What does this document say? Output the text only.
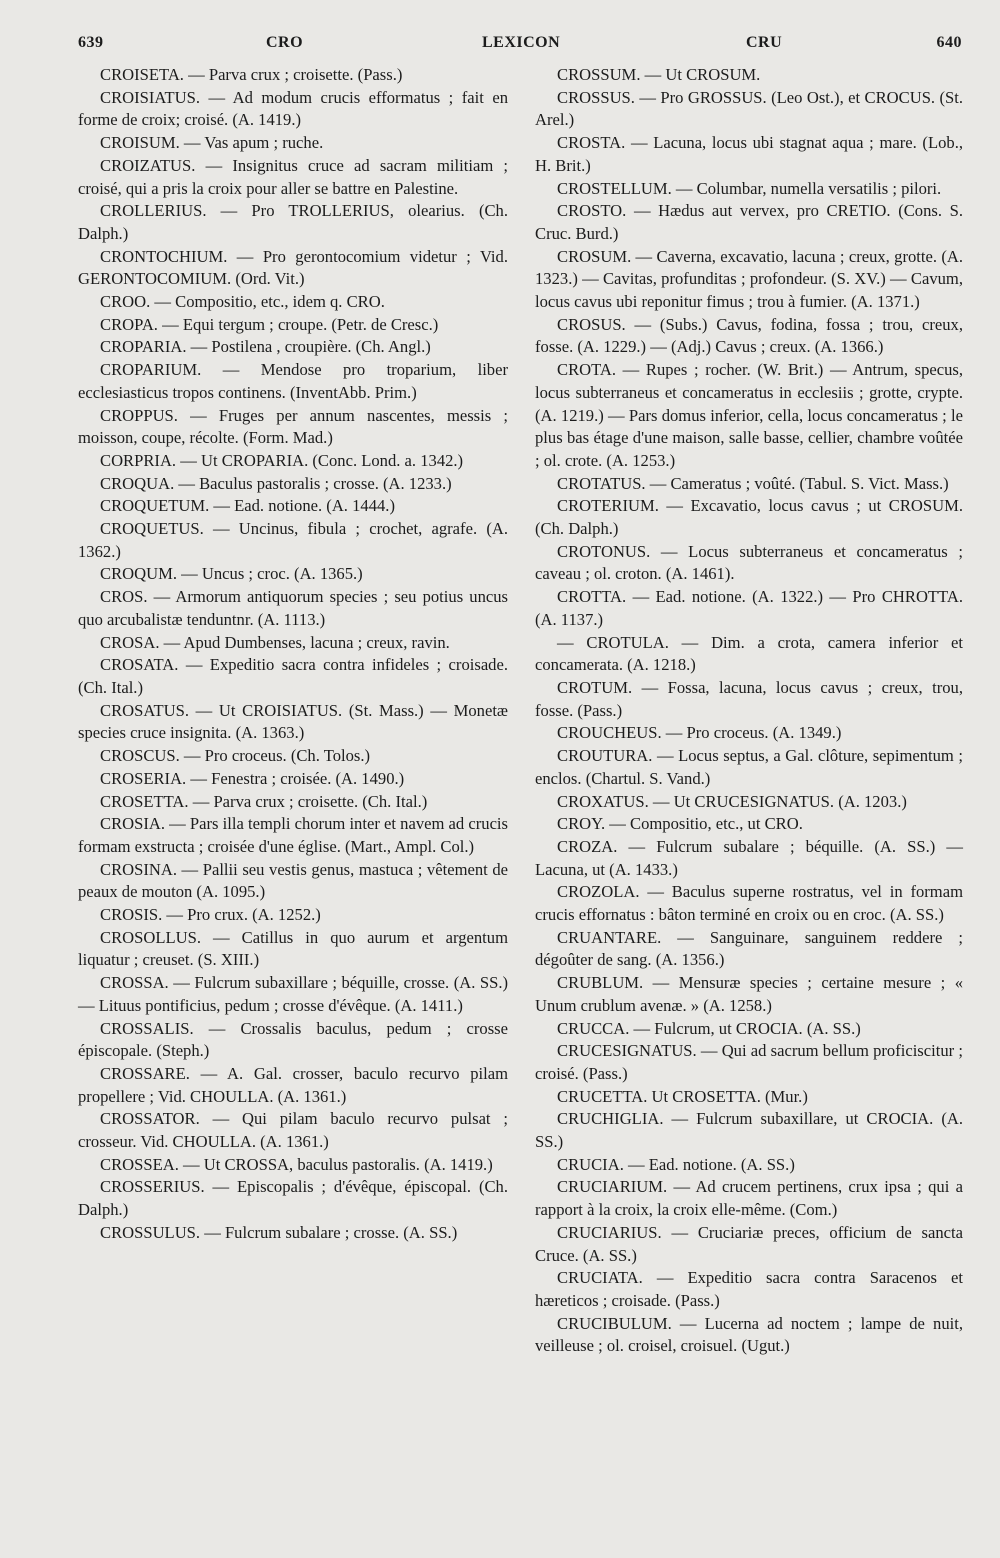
639	CRO	LEXICON	CRU	640

CROISETA. — Parva crux ; croisette. (Pass.)

CROISIATUS. — Ad modum crucis efformatus ; fait en forme de croix; croisé. (A. 1419.)

CROISUM. — Vas apum ; ruche.

CROIZATUS. — Insignitus cruce ad sacram militiam ; croisé, qui a pris la croix pour aller se battre en Palestine.

CROLLERIUS. — Pro TROLLERIUS, olearius. (Ch. Dalph.)

CRONTOCHIUM. — Pro gerontocomium videtur ; Vid. GERONTOCOMIUM. (Ord. Vit.)

CROO. — Compositio, etc., idem q. CRO.

CROPA. — Equi tergum ; croupe. (Petr. de Cresc.)

CROPARIA. — Postilena , croupière. (Ch. Angl.)

CROPARIUM. — Mendose pro troparium, liber ecclesiasticus tropos continens. (InventAbb. Prim.)

CROPPUS. — Fruges per annum nascentes, messis ; moisson, coupe, récolte. (Form. Mad.)

CORPRIA. — Ut CROPARIA. (Conc. Lond. a. 1342.)

CROQUA. — Baculus pastoralis ; crosse. (A. 1233.)

CROQUETUM. — Ead. notione. (A. 1444.)

CROQUETUS. — Uncinus, fibula ; crochet, agrafe. (A. 1362.)

CROQUM. — Uncus ; croc. (A. 1365.)

CROS. — Armorum antiquorum species ; seu potius uncus quo arcubalistæ tenduntnr. (A. 1113.)

CROSA. — Apud Dumbenses, lacuna ; creux, ravin.

CROSATA. — Expeditio sacra contra infideles ; croisade. (Ch. Ital.)

CROSATUS. — Ut CROISIATUS. (St. Mass.) — Monetæ species cruce insignita. (A. 1363.)

CROSCUS. — Pro croceus. (Ch. Tolos.)

CROSERIA. — Fenestra ; croisée. (A. 1490.)

CROSETTA. — Parva crux ; croisette. (Ch. Ital.)

CROSIA. — Pars illa templi chorum inter et navem ad crucis formam exstructa ; croisée d'une église. (Mart., Ampl. Col.)

CROSINA. — Pallii seu vestis genus, mastuca ; vêtement de peaux de mouton (A. 1095.)

CROSIS. — Pro crux. (A. 1252.)

CROSOLLUS. — Catillus in quo aurum et argentum liquatur ; creuset. (S. XIII.)

CROSSA. — Fulcrum subaxillare ; béquille, crosse. (A. SS.) — Lituus pontificius, pedum ; crosse d'évêque. (A. 1411.)

CROSSALIS. — Crossalis baculus, pedum ; crosse épiscopale. (Steph.)

CROSSARE. — A. Gal. crosser, baculo recurvo pilam propellere ; Vid. CHOULLA. (A. 1361.)

CROSSATOR. — Qui pilam baculo recurvo pulsat ; crosseur. Vid. CHOULLA. (A. 1361.)

CROSSEA. — Ut CROSSA, baculus pastoralis. (A. 1419.)

CROSSERIUS. — Episcopalis ; d'évêque, épiscopal. (Ch. Dalph.)

CROSSULUS. — Fulcrum subalare ; crosse. (A. SS.)

CROSSUM. — Ut CROSUM.

CROSSUS. — Pro GROSSUS. (Leo Ost.), et CROCUS. (St. Arel.)

CROSTA. — Lacuna, locus ubi stagnat aqua ; mare. (Lob., H. Brit.)

CROSTELLUM. — Columbar, numella versatilis ; pilori.

CROSTO. — Hædus aut vervex, pro CRETIO. (Cons. S. Cruc. Burd.)

CROSUM. — Caverna, excavatio, lacuna ; creux, grotte. (A. 1323.) — Cavitas, profunditas ; profondeur. (S. XV.) — Cavum, locus cavus ubi reponitur fimus ; trou à fumier. (A. 1371.)

CROSUS. — (Subs.) Cavus, fodina, fossa ; trou, creux, fosse. (A. 1229.) — (Adj.) Cavus ; creux. (A. 1366.)

CROTA. — Rupes ; rocher. (W. Brit.) — Antrum, specus, locus subterraneus et concameratus in ecclesiis ; grotte, crypte. (A. 1219.) — Pars domus inferior, cella, locus concameratus ; le plus bas étage d'une maison, salle basse, cellier, chambre voûtée ; ol. crote. (A. 1253.)

CROTATUS. — Cameratus ; voûté. (Tabul. S. Vict. Mass.)

CROTERIUM. — Excavatio, locus cavus ; ut CROSUM. (Ch. Dalph.)

CROTONUS. — Locus subterraneus et concameratus ; caveau ; ol. croton. (A. 1461).

CROTTA. — Ead. notione. (A. 1322.) — Pro CHROTTA. (A. 1137.)

— CROTULA. — Dim. a crota, camera inferior et concamerata. (A. 1218.)

CROTUM. — Fossa, lacuna, locus cavus ; creux, trou, fosse. (Pass.)

CROUCHEUS. — Pro croceus. (A. 1349.)

CROUTURA. — Locus septus, a Gal. clôture, sepimentum ; enclos. (Chartul. S. Vand.)

CROXATUS. — Ut CRUCESIGNATUS. (A. 1203.)

CROY. — Compositio, etc., ut CRO.

CROZA. — Fulcrum subalare ; béquille. (A. SS.) — Lacuna, ut (A. 1433.)

CROZOLA. — Baculus superne rostratus, vel in formam crucis effornatus : bâton terminé en croix ou en croc. (A. SS.)

CRUANTARE. — Sanguinare, sanguinem reddere ; dégoûter de sang. (A. 1356.)

CRUBLUM. — Mensuræ species ; certaine mesure ; « Unum crublum avenæ. » (A. 1258.)

CRUCCA. — Fulcrum, ut CROCIA. (A. SS.)

CRUCESIGNATUS. — Qui ad sacrum bellum proficiscitur ; croisé. (Pass.)

CRUCETTA. Ut CROSETTA. (Mur.)

CRUCHIGLIA. — Fulcrum subaxillare, ut CROCIA. (A. SS.)

CRUCIA. — Ead. notione. (A. SS.)

CRUCIARIUM. — Ad crucem pertinens, crux ipsa ; qui a rapport à la croix, la croix elle-même. (Com.)

CRUCIARIUS. — Cruciariæ preces, officium de sancta Cruce. (A. SS.)

CRUCIATA. — Expeditio sacra contra Saracenos et hæreticos ; croisade. (Pass.)

CRUCIBULUM. — Lucerna ad noctem ; lampe de nuit, veilleuse ; ol. croisel, croisuel. (Ugut.)
